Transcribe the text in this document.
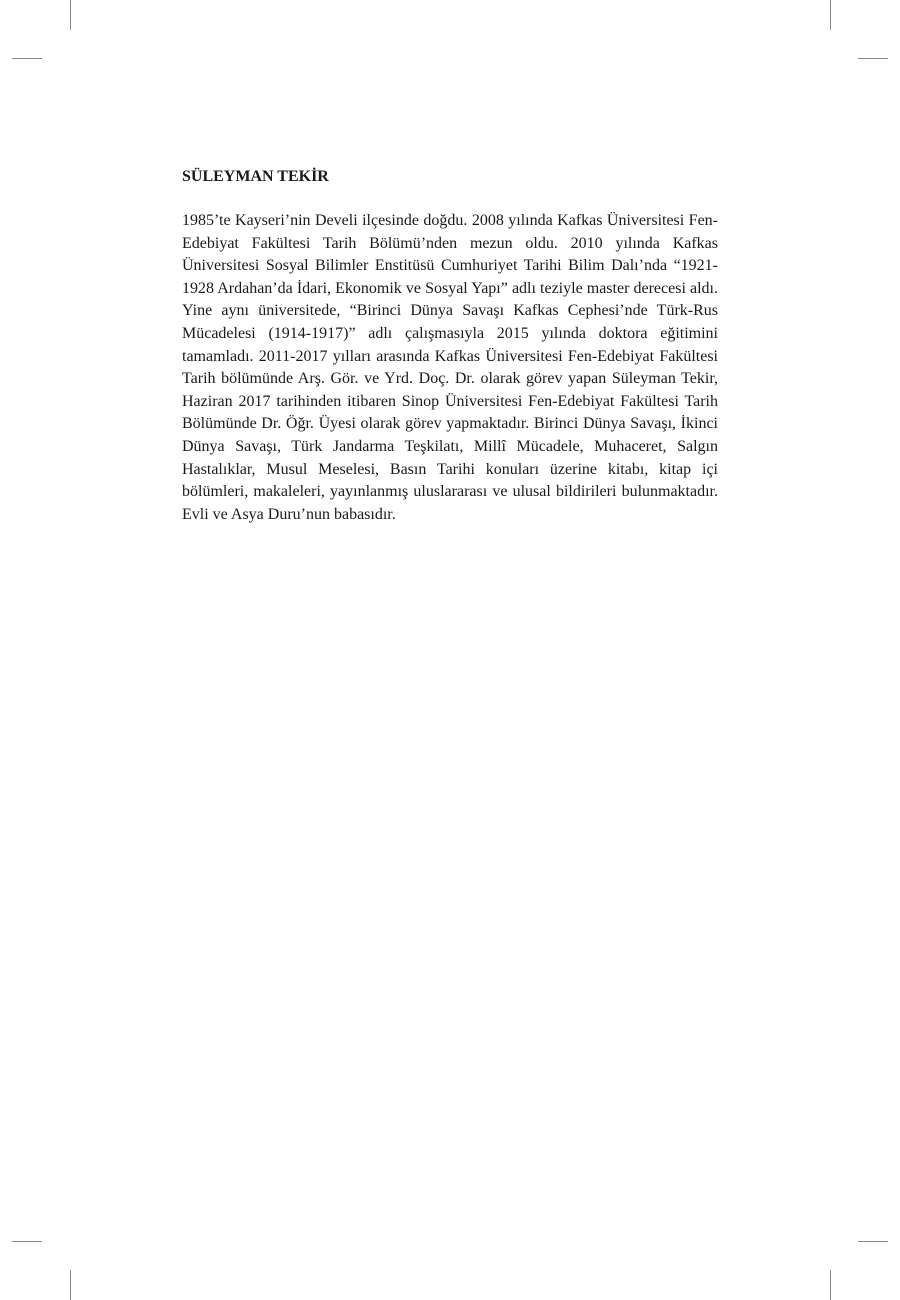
SÜLEYMAN TEKİR

1985’te Kayseri’nin Develi ilçesinde doğdu. 2008 yılında Kafkas Üniversitesi Fen-Edebiyat Fakültesi Tarih Bölümü’nden mezun oldu. 2010 yılında Kafkas Üniversitesi Sosyal Bilimler Enstitüsü Cumhuriyet Tarihi Bilim Dalı’nda “1921-1928 Ardahan’da İdari, Ekonomik ve Sosyal Yapı” adlı teziyle master derecesi aldı. Yine aynı üniversitede, “Birinci Dünya Savaşı Kafkas Cephesi’nde Türk-Rus Mücadelesi (1914-1917)” adlı çalışmasıyla 2015 yılında doktora eğitimini tamamladı. 2011-2017 yılları arasında Kafkas Üniversitesi Fen-Edebiyat Fakültesi Tarih bölümünde Arş. Gör. ve Yrd. Doç. Dr. olarak görev yapan Süleyman Tekir, Haziran 2017 tarihinden itibaren Sinop Üniversitesi Fen-Edebiyat Fakültesi Tarih Bölümünde Dr. Öğr. Üyesi olarak görev yapmaktadır. Birinci Dünya Savaşı, İkinci Dünya Savaşı, Türk Jandarma Teşkilatı, Millî Mücadele, Muhaceret, Salgın Hastalıklar, Musul Meselesi, Basın Tarihi konuları üzerine kitabı, kitap içi bölümleri, makaleleri, yayınlanmış uluslararası ve ulusal bildirileri bulunmaktadır. Evli ve Asya Duru’nun babasıdır.
